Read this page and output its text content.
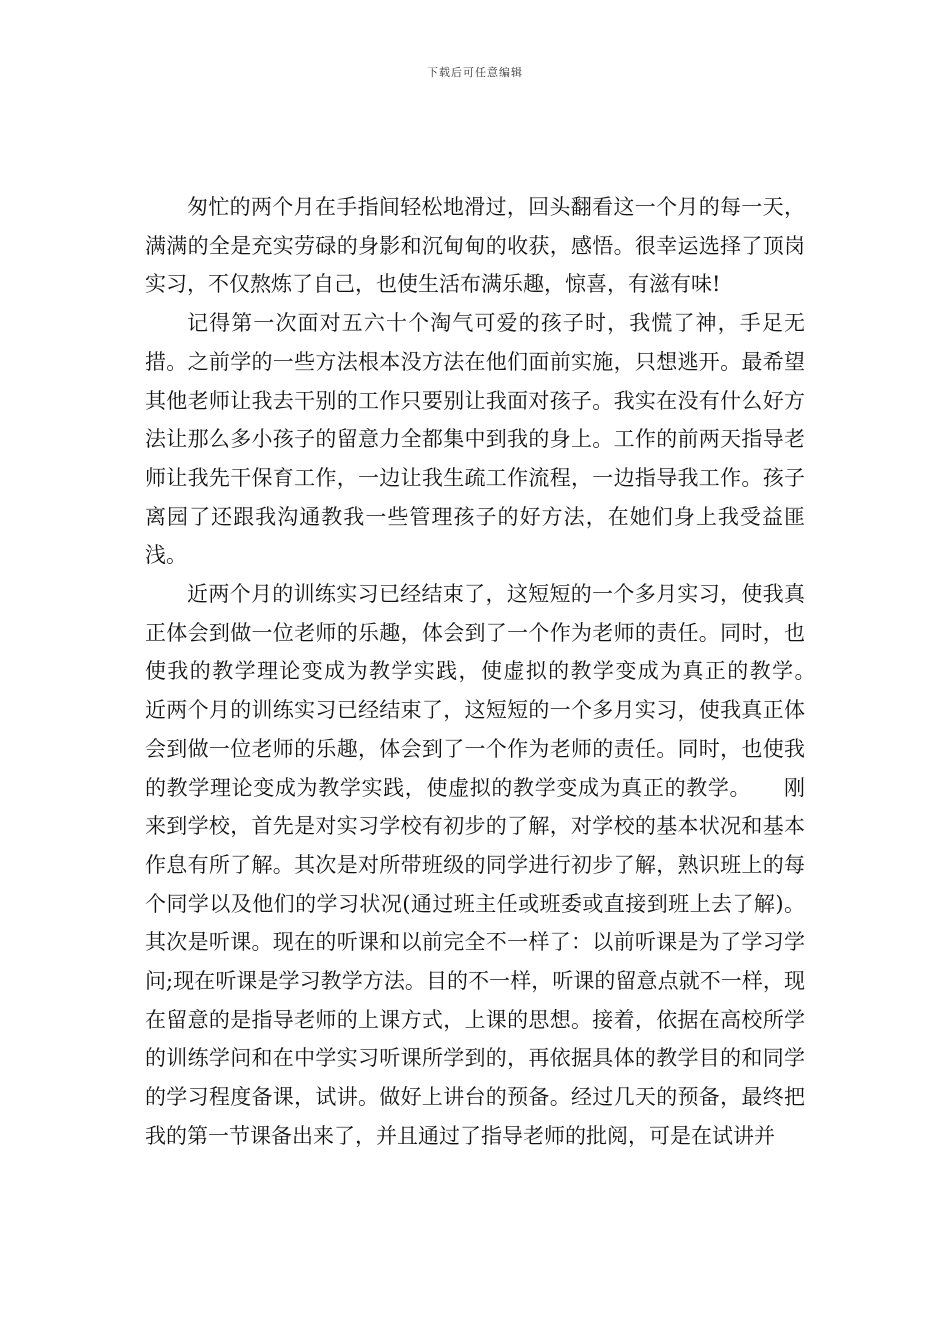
下载后可任意编辑

匆忙的两个月在手指间轻松地滑过，回头翻看这一个月的每一天，满满的全是充实劳碌的身影和沉甸甸的收获，感悟。很幸运选择了顶岗实习，不仅熬炼了自己，也使生活布满乐趣，惊喜，有滋有味!

记得第一次面对五六十个淘气可爱的孩子时，我慌了神，手足无措。之前学的一些方法根本没方法在他们面前实施，只想逃开。最希望其他老师让我去干别的工作只要别让我面对孩子。我实在没有什么好方法让那么多小孩子的留意力全都集中到我的身上。工作的前两天指导老师让我先干保育工作，一边让我生疏工作流程，一边指导我工作。孩子离园了还跟我沟通教我一些管理孩子的好方法，在她们身上我受益匪浅。

近两个月的训练实习已经结束了，这短短的一个多月实习，使我真正体会到做一位老师的乐趣，体会到了一个作为老师的责任。同时，也使我的教学理论变成为教学实践，使虚拟的教学变成为真正的教学。　　近两个月的训练实习已经结束了，这短短的一个多月实习，使我真正体会到做一位老师的乐趣，体会到了一个作为老师的责任。同时，也使我的教学理论变成为教学实践，使虚拟的教学变成为真正的教学。　　刚来到学校，首先是对实习学校有初步的了解，对学校的基本状况和基本作息有所了解。其次是对所带班级的同学进行初步了解，熟识班上的每个同学以及他们的学习状况(通过班主任或班委或直接到班上去了解)。其次是听课。现在的听课和以前完全不一样了：以前听课是为了学习学问;现在听课是学习教学方法。目的不一样，听课的留意点就不一样，现在留意的是指导老师的上课方式，上课的思想。接着，依据在高校所学的训练学问和在中学实习听课所学到的，再依据具体的教学目的和同学的学习程度备课，试讲。做好上讲台的预备。经过几天的预备，最终把我的第一节课备出来了，并且通过了指导老师的批阅，可是在试讲并
